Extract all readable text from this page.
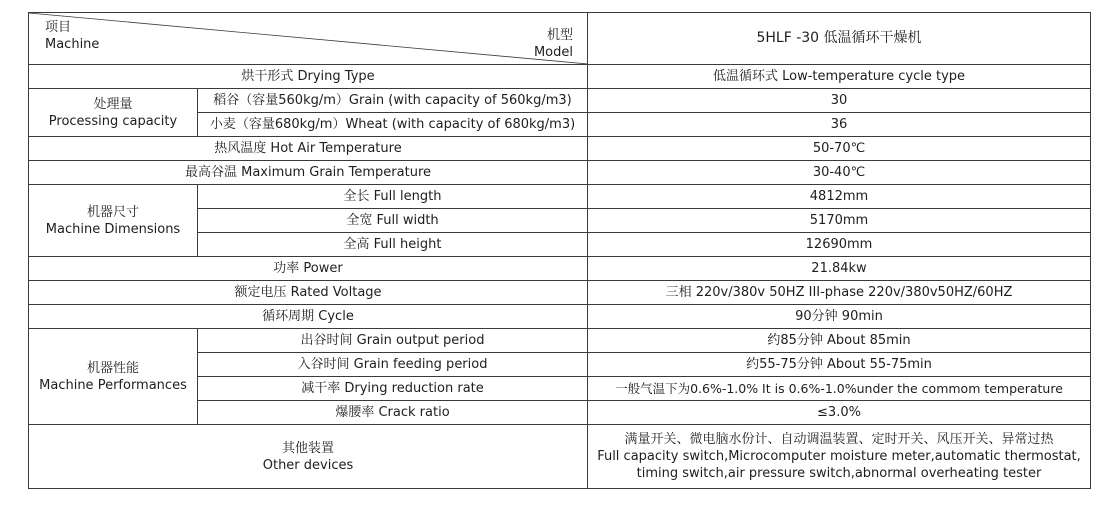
项目
Machine
机型
Model		5HLF -30 低温循环干燥机
烘干形式 Drying Type		低温循环式 Low-temperature cycle type

处理量
Processing capacity	稻谷（容量560kg/m）Grain (with capacity of 560kg/m3)	30
	小麦（容量680kg/m）Wheat (with capacity of 680kg/m3)	36
热风温度 Hot Air Temperature		50-70℃
最高谷温 Maximum Grain Temperature		30-40℃

机器尺寸
Machine Dimensions	全长 Full length	4812mm
	全宽 Full width	5170mm
	全高 Full height	12690mm
功率 Power		21.84kw
额定电压 Rated Voltage		三相 220v/380v 50HZ III-phase 220v/380v50HZ/60HZ
循环周期 Cycle		90分钟 90min

机器性能
Machine Performances	出谷时间 Grain output period	约85分钟 About 85min
	入谷时间 Grain feeding period	约55-75分钟 About 55-75min
	减干率 Drying reduction rate	一般气温下为0.6%-1.0% It is 0.6%-1.0%under the commom temperature
	爆腰率 Crack ratio	≤3.0%

其他装置
Other devices		满量开关、微电脑水份计、自动调温装置、定时开关、风压开关、异常过热
Full capacity switch,Microcomputer moisture meter,automatic thermostat,
timing switch,air pressure switch,abnormal overheating tester
